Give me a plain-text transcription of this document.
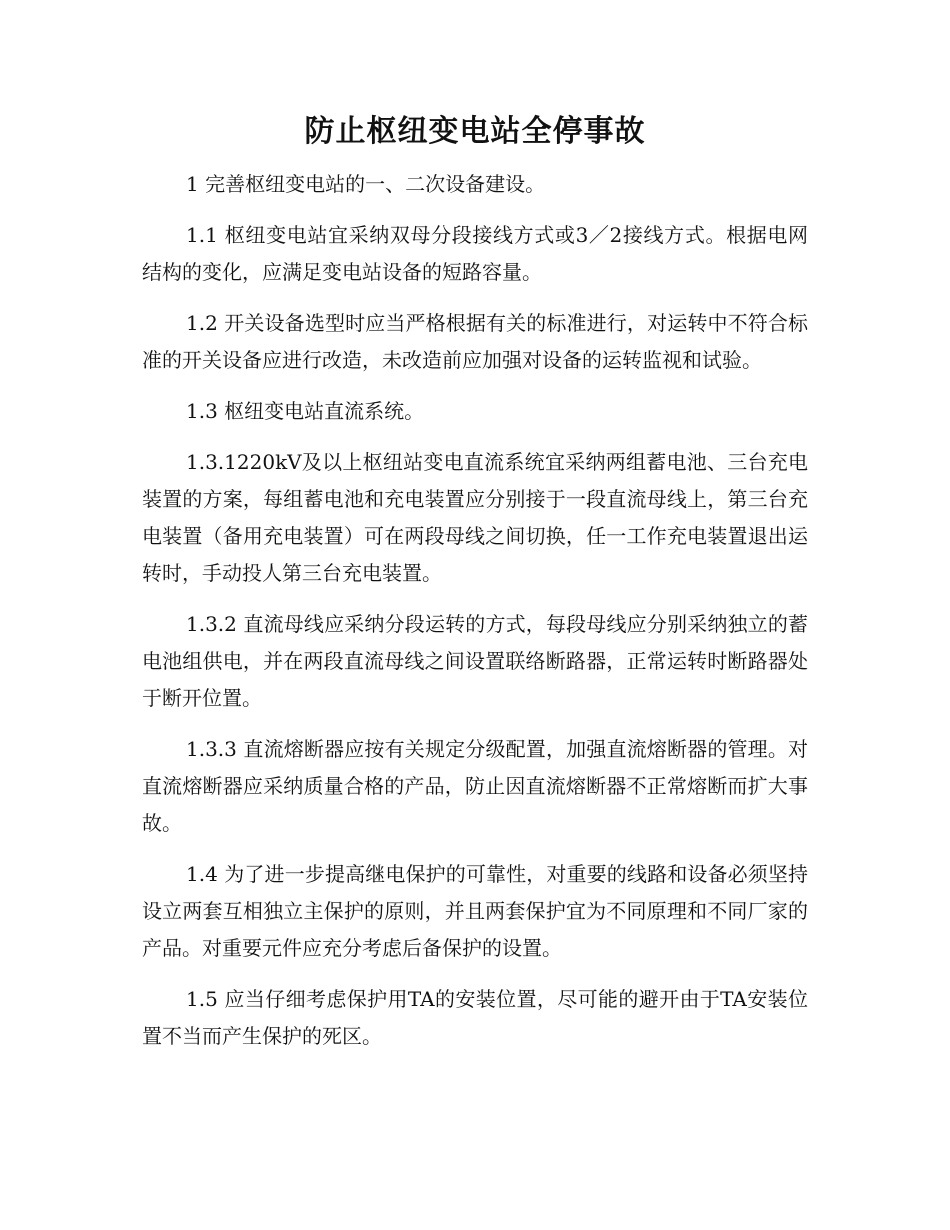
防止枢纽变电站全停事故

1 完善枢纽变电站的一、二次设备建设。

1.1 枢纽变电站宜采纳双母分段接线方式或3／2接线方式。根据电网结构的变化，应满足变电站设备的短路容量。

1.2 开关设备选型时应当严格根据有关的标准进行，对运转中不符合标准的开关设备应进行改造，未改造前应加强对设备的运转监视和试验。

1.3 枢纽变电站直流系统。

1.3.1220kV及以上枢纽站变电直流系统宜采纳两组蓄电池、三台充电装置的方案，每组蓄电池和充电装置应分别接于一段直流母线上，第三台充电装置（备用充电装置）可在两段母线之间切换，任一工作充电装置退出运转时，手动投人第三台充电装置。

1.3.2 直流母线应采纳分段运转的方式，每段母线应分别采纳独立的蓄电池组供电，并在两段直流母线之间设置联络断路器，正常运转时断路器处于断开位置。

1.3.3 直流熔断器应按有关规定分级配置，加强直流熔断器的管理。对直流熔断器应采纳质量合格的产品，防止因直流熔断器不正常熔断而扩大事故。

1.4 为了进一步提高继电保护的可靠性，对重要的线路和设备必须坚持设立两套互相独立主保护的原则，并且两套保护宜为不同原理和不同厂家的产品。对重要元件应充分考虑后备保护的设置。

1.5 应当仔细考虑保护用TA的安装位置，尽可能的避开由于TA安装位置不当而产生保护的死区。
